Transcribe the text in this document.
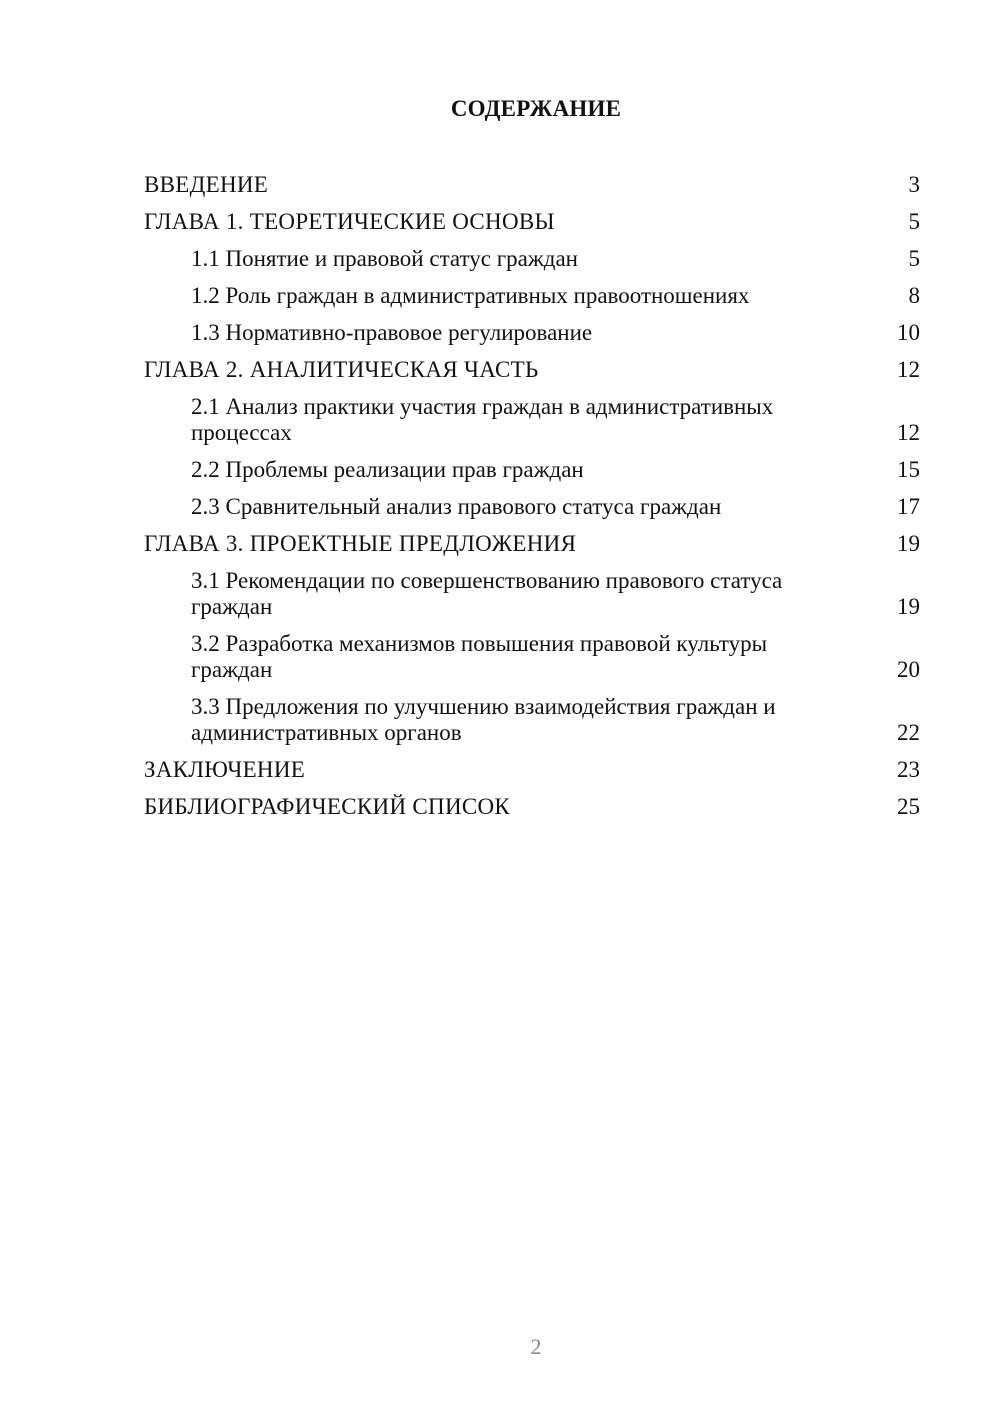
СОДЕРЖАНИЕ
ВВЕДЕНИЕ	3
ГЛАВА 1. ТЕОРЕТИЧЕСКИЕ ОСНОВЫ	5
1.1 Понятие и правовой статус граждан	5
1.2 Роль граждан в административных правоотношениях	8
1.3 Нормативно-правовое регулирование	10
ГЛАВА 2. АНАЛИТИЧЕСКАЯ ЧАСТЬ	12
2.1 Анализ практики участия граждан в административных процессах	12
2.2 Проблемы реализации прав граждан	15
2.3 Сравнительный анализ правового статуса граждан	17
ГЛАВА 3. ПРОЕКТНЫЕ ПРЕДЛОЖЕНИЯ	19
3.1 Рекомендации по совершенствованию правового статуса граждан	19
3.2 Разработка механизмов повышения правовой культуры граждан	20
3.3 Предложения по улучшению взаимодействия граждан и административных органов	22
ЗАКЛЮЧЕНИЕ	23
БИБЛИОГРАФИЧЕСКИЙ СПИСОК	25
2
